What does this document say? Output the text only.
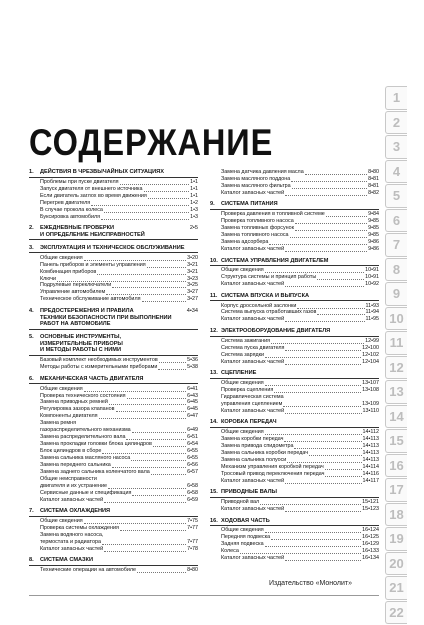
СОДЕРЖАНИЕ
1.	ДЕЙСТВИЯ В ЧРЕЗВЫЧАЙНЫХ СИТУАЦИЯХ
Проблемы при пуске двигателя	1•1
Запуск двигателя от внешнего источника	1•1
Если двигатель заглох во время движения	1•1
Перегрев двигателя	1•2
В случае прокола колеса	1•3
Буксировка автомобиля	1•3
2.	ЕЖЕДНЕВНЫЕ ПРОВЕРКИ
И ОПРЕДЕЛЕНИЕ НЕИСПРАВНОСТЕЙ
2•5
3.	ЭКСПЛУАТАЦИЯ И ТЕХНИЧЕСКОЕ ОБСЛУЖИВАНИЕ
Общие сведения	3•20
Панель приборов и элементы управления	3•21
Комбинация приборов	3•21
Ключи	3•23
Подрулевые переключатели	3•25
Управление автомобилем	3•27
Техническое обслуживание автомобиля	3•27
4.	ПРЕДОСТЕРЕЖЕНИЯ И ПРАВИЛА
ТЕХНИКИ БЕЗОПАСНОСТИ ПРИ ВЫПОЛНЕНИИ
РАБОТ НА АВТОМОБИЛЕ
4•34
5.	ОСНОВНЫЕ ИНСТРУМЕНТЫ,
ИЗМЕРИТЕЛЬНЫЕ ПРИБОРЫ
И МЕТОДЫ РАБОТЫ С НИМИ
Базовый комплект необходимых инструментов	5•36
Методы работы с измерительными приборами	5•38
6.	МЕХАНИЧЕСКАЯ ЧАСТЬ ДВИГАТЕЛЯ
Общие сведения	6•41
Проверка технического состояния	6•43
Замена приводных ремней	6•45
Регулировка зазора клапанов	6•45
Компоненты двигателя	6•47
Замена ремня
газораспределительного механизма	6•49
Замена распределительного вала	6•51
Замена прокладки головки блока цилиндров	6•54
Блок цилиндров в сборе	6•55
Замена сальника масляного насоса	6•55
Замена переднего сальника	6•56
Замена заднего сальника коленчатого вала	6•57
Общие неисправности
двигателя и их устранение	6•58
Сервисные данные и спецификация	6•58
Каталог запасных частей	6•59
7.	СИСТЕМА ОХЛАЖДЕНИЯ
Общие сведения	7•75
Проверка системы охлаждения	7•77
Замена водяного насоса,
термостата и радиатора	7•77
Каталог запасных частей	7•78
8.	СИСТЕМА СМАЗКИ
Технические операции на автомобиле	8•80
Замена датчика давления масла	8•80
Замена масляного поддона	8•81
Замена масляного фильтра	8•81
Каталог запасных частей	8•82
9.	СИСТЕМА ПИТАНИЯ
Проверка давления в топливной системе	9•84
Проверка топливного насоса	9•85
Замена топливных форсунок	9•85
Замена топливного насоса	9•85
Замена адсорбера	9•86
Каталог запасных частей	9•86
10. СИСТЕМА УПРАВЛЕНИЯ ДВИГАТЕЛЕМ
Общие сведения	10•91
Структура системы и принцип работы	10•91
Каталог запасных частей	10•92
11. СИСТЕМА ВПУСКА И ВЫПУСКА
Корпус дроссельной заслонки	11•93
Система выпуска отработавших газов	11•94
Каталог запасных частей	11•95
12. ЭЛЕКТРООБОРУДОВАНИЕ ДВИГАТЕЛЯ
Система зажигания	12•99
Система пуска двигателя	12•100
Система зарядки	12•102
Каталог запасных частей	12•104
13. СЦЕПЛЕНИЕ
Общие сведения	13•107
Проверка сцепления	13•108
Гидравлическая система
управления сцеплением	13•109
Каталог запасных частей	13•110
14. КОРОБКА ПЕРЕДАЧ
Общие сведения	14•112
Замена коробки передач	14•113
Замена привода спидометра	14•113
Замена сальника коробки передач	14•113
Замена сальника полуоси	14•113
Механизм управления коробкой передач	14•114
Тросовый привод переключения передач	14•116
Каталог запасных частей	14•117
15. ПРИВОДНЫЕ ВАЛЫ
Приводной вал	15•121
Каталог запасных частей	15•123
16. ХОДОВАЯ ЧАСТЬ
Общие сведения	16•124
Передняя подвеска	16•125
Задняя подвеска	16•129
Колеса	16•133
Каталог запасных частей	16•134
1
2
3
4
5
6
7
8
9
10
11
12
13
14
15
16
17
18
19
20
21
22
Издательство «Монолит»
